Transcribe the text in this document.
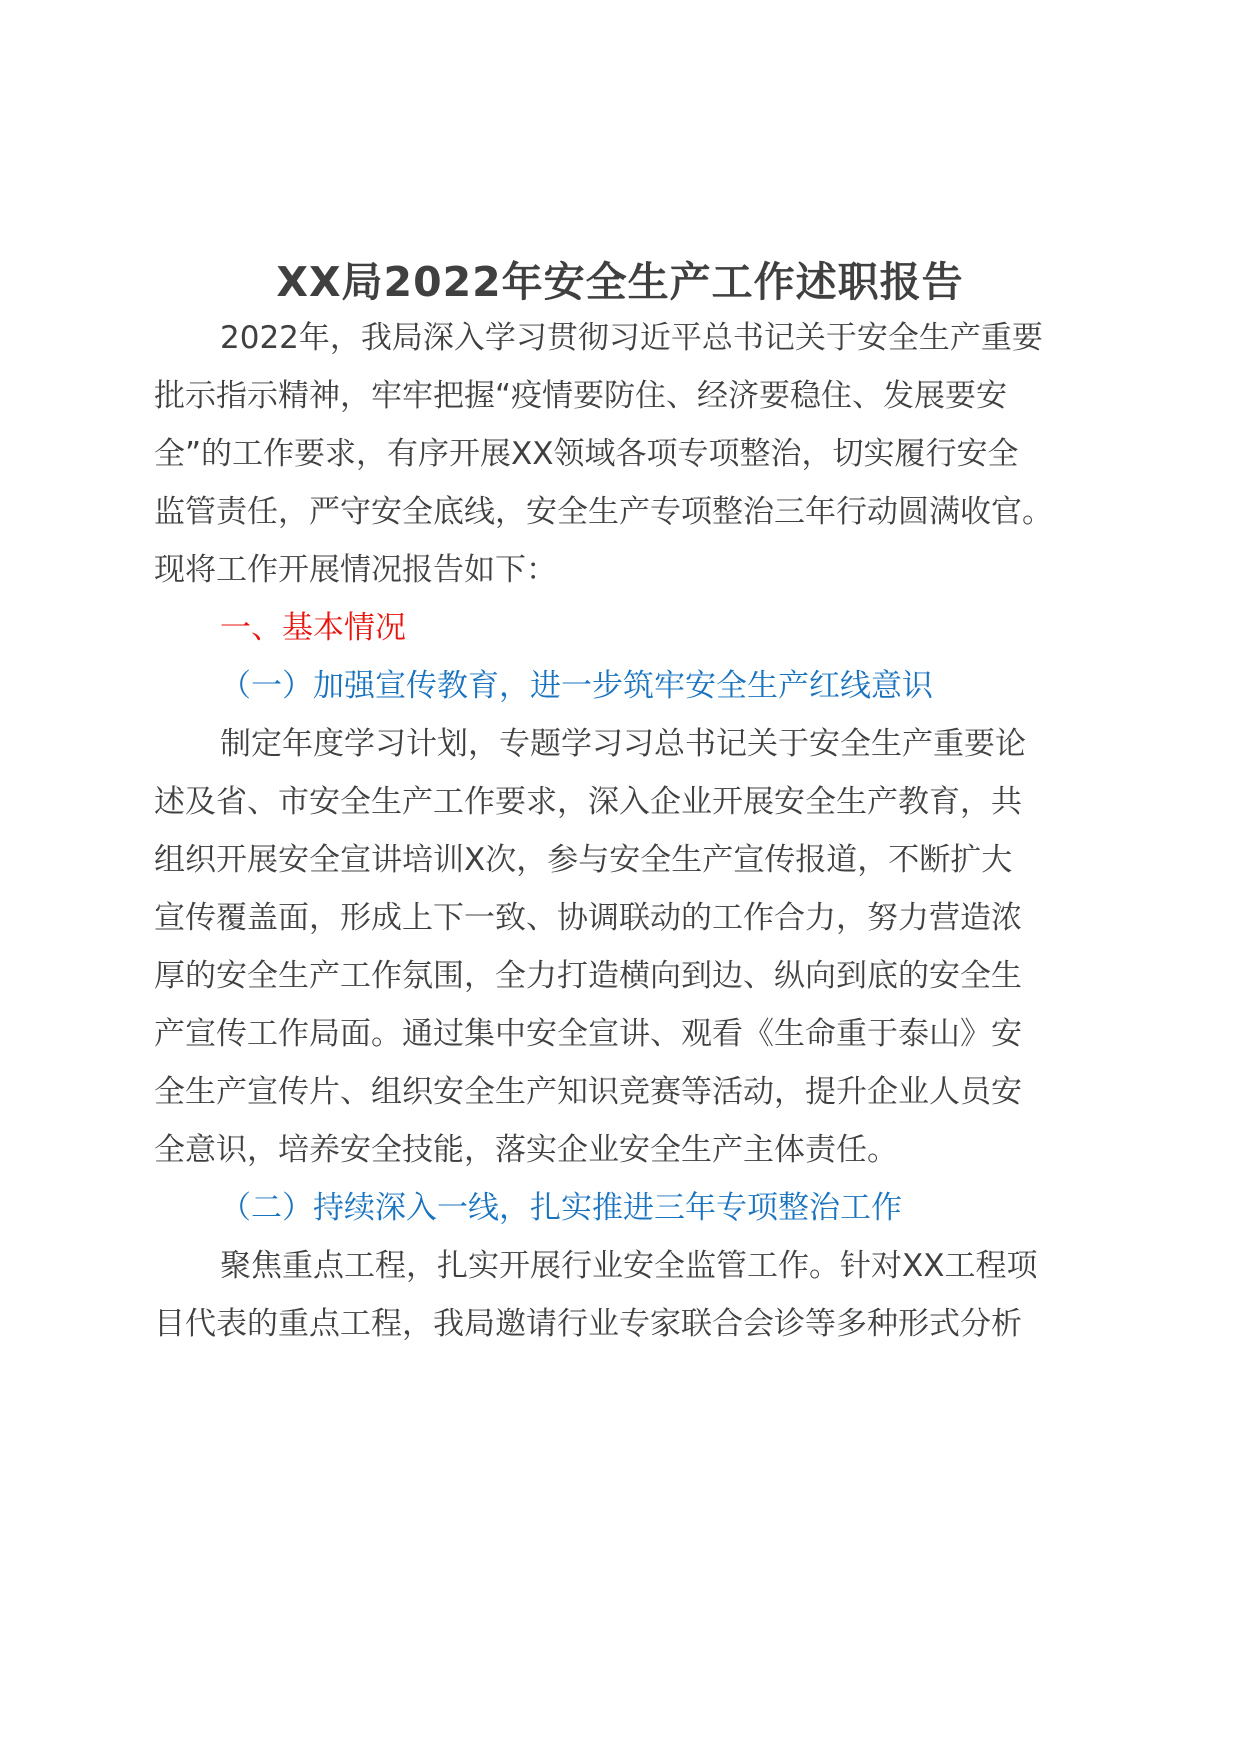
XX局2022年安全生产工作述职报告

2022年，我局深入学习贯彻习近平总书记关于安全生产重要

批示指示精神，牢牢把握“疫情要防住、经济要稳住、发展要安

全”的工作要求，有序开展XX领域各项专项整治，切实履行安全

监管责任，严守安全底线，安全生产专项整治三年行动圆满收官。

现将工作开展情况报告如下：

一、基本情况

（一）加强宣传教育，进一步筑牢安全生产红线意识

制定年度学习计划，专题学习习总书记关于安全生产重要论

述及省、市安全生产工作要求，深入企业开展安全生产教育，共

组织开展安全宣讲培训X次，参与安全生产宣传报道，不断扩大

宣传覆盖面，形成上下一致、协调联动的工作合力，努力营造浓

厚的安全生产工作氛围，全力打造横向到边、纵向到底的安全生

产宣传工作局面。通过集中安全宣讲、观看《生命重于泰山》安

全生产宣传片、组织安全生产知识竞赛等活动，提升企业人员安

全意识，培养安全技能，落实企业安全生产主体责任。

（二）持续深入一线，扎实推进三年专项整治工作

聚焦重点工程，扎实开展行业安全监管工作。针对XX工程项

目代表的重点工程，我局邀请行业专家联合会诊等多种形式分析
